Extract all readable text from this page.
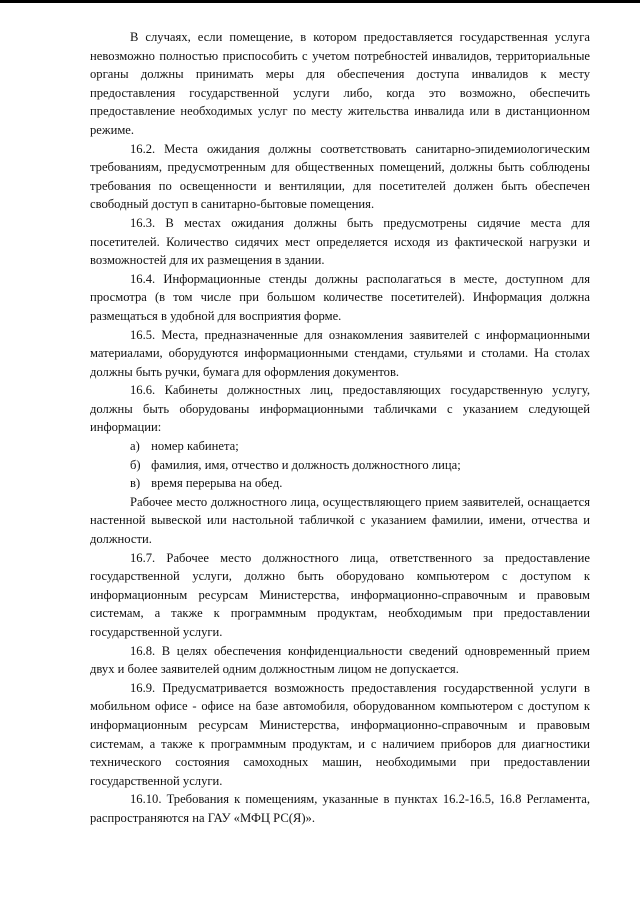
В случаях, если помещение, в котором предоставляется государственная услуга невозможно полностью приспособить с учетом потребностей инвалидов, территориальные органы должны принимать меры для обеспечения доступа инвалидов к месту предоставления государственной услуги либо, когда это возможно, обеспечить предоставление необходимых услуг по месту жительства инвалида или в дистанционном режиме.

16.2. Места ожидания должны соответствовать санитарно-эпидемиологическим требованиям, предусмотренным для общественных помещений, должны быть соблюдены требования по освещенности и вентиляции, для посетителей должен быть обеспечен свободный доступ в санитарно-бытовые помещения.

16.3. В местах ожидания должны быть предусмотрены сидячие места для посетителей. Количество сидячих мест определяется исходя из фактической нагрузки и возможностей для их размещения в здании.

16.4. Информационные стенды должны располагаться в месте, доступном для просмотра (в том числе при большом количестве посетителей). Информация должна размещаться в удобной для восприятия форме.

16.5. Места, предназначенные для ознакомления заявителей с информационными материалами, оборудуются информационными стендами, стульями и столами. На столах должны быть ручки, бумага для оформления документов.

16.6. Кабинеты должностных лиц, предоставляющих государственную услугу, должны быть оборудованы информационными табличками с указанием следующей информации:

а) номер кабинета;

б) фамилия, имя, отчество и должность должностного лица;

в) время перерыва на обед.

Рабочее место должностного лица, осуществляющего прием заявителей, оснащается настенной вывеской или настольной табличкой с указанием фамилии, имени, отчества и должности.

16.7. Рабочее место должностного лица, ответственного за предоставление государственной услуги, должно быть оборудовано компьютером с доступом к информационным ресурсам Министерства, информационно-справочным и правовым системам, а также к программным продуктам, необходимым при предоставлении государственной услуги.

16.8. В целях обеспечения конфиденциальности сведений одновременный прием двух и более заявителей одним должностным лицом не допускается.

16.9. Предусматривается возможность предоставления государственной услуги в мобильном офисе - офисе на базе автомобиля, оборудованном компьютером с доступом к информационным ресурсам Министерства, информационно-справочным и правовым системам, а также к программным продуктам, и с наличием приборов для диагностики технического состояния самоходных машин, необходимыми при предоставлении государственной услуги.

16.10. Требования к помещениям, указанные в пунктах 16.2-16.5, 16.8 Регламента, распространяются на ГАУ «МФЦ РС(Я)».
